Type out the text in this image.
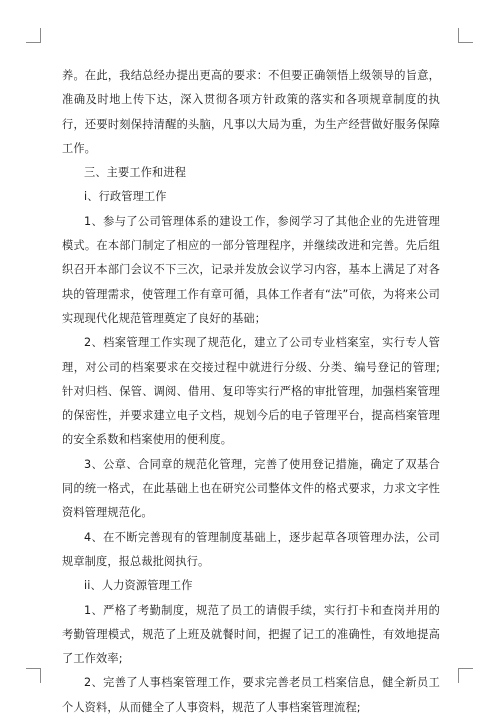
养。在此，我结总经办提出更高的要求：不但要正确领悟上级领导的旨意，准确及时地上传下达，深入贯彻各项方针政策的落实和各项规章制度的执行，还要时刻保持清醒的头脑，凡事以大局为重，为生产经营做好服务保障工作。

三、主要工作和进程

i、行政管理工作

1、参与了公司管理体系的建设工作，参阅学习了其他企业的先进管理模式。在本部门制定了相应的一部分管理程序，并继续改进和完善。先后组织召开本部门会议不下三次，记录并发放会议学习内容，基本上满足了对各块的管理需求，使管理工作有章可循，具体工作者有“法”可依，为将来公司实现现代化规范管理奠定了良好的基础；

2、档案管理工作实现了规范化，建立了公司专业档案室，实行专人管理，对公司的档案要求在交接过程中就进行分级、分类、编号登记的管理;针对归档、保管、调阅、借用、复印等实行严格的审批管理，加强档案管理的保密性，并要求建立电子文档，规划今后的电子管理平台，提高档案管理的安全系数和档案使用的便利度。

3、公章、合同章的规范化管理，完善了使用登记措施，确定了双基合同的统一格式，在此基础上也在研究公司整体文件的格式要求，力求文字性资料管理规范化。

4、在不断完善现有的管理制度基础上，逐步起草各项管理办法，公司规章制度，报总裁批阅执行。

ii、人力资源管理工作

1、严格了考勤制度，规范了员工的请假手续，实行打卡和查岗并用的考勤管理模式，规范了上班及就餐时间，把握了记工的准确性，有效地提高了工作效率;

2、完善了人事档案管理工作，要求完善老员工档案信息，健全新员工个人资料，从而健全了人事资料，规范了人事档案管理流程;
